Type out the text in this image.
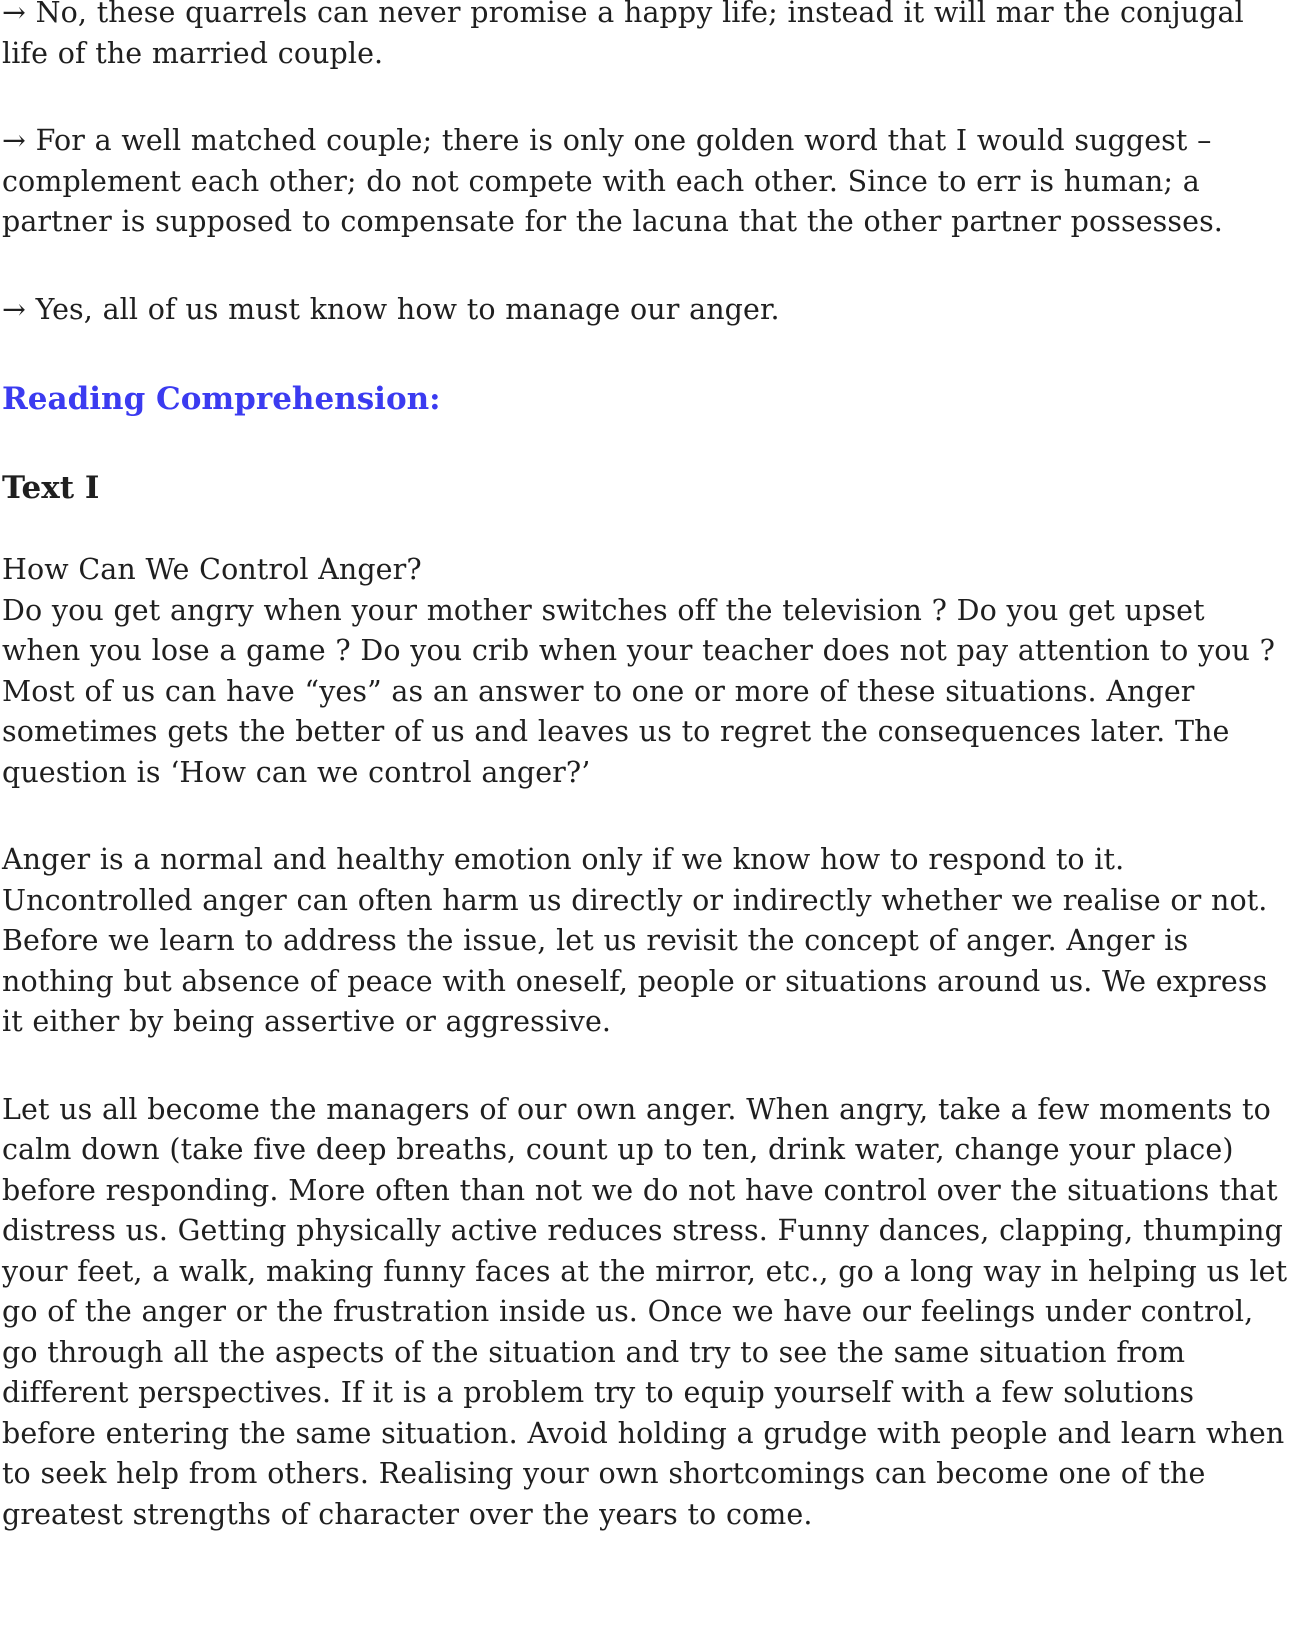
→ No, these quarrels can never promise a happy life; instead it will mar the conjugal life of the married couple.

→ For a well matched couple; there is only one golden word that I would suggest – complement each other; do not compete with each other. Since to err is human; a partner is supposed to compensate for the lacuna that the other partner possesses.

→ Yes, all of us must know how to manage our anger.

Reading Comprehension:
Text I

How Can We Control Anger?

Do you get angry when your mother switches off the television ? Do you get upset when you lose a game ? Do you crib when your teacher does not pay attention to you ? Most of us can have “yes” as an answer to one or more of these situations. Anger sometimes gets the better of us and leaves us to regret the consequences later. The question is ‘How can we control anger?’

Anger is a normal and healthy emotion only if we know how to respond to it. Uncontrolled anger can often harm us directly or indirectly whether we realise or not. Before we learn to address the issue, let us revisit the concept of anger. Anger is nothing but absence of peace with oneself, people or situations around us. We express it either by being assertive or aggressive.

Let us all become the managers of our own anger. When angry, take a few moments to calm down (take five deep breaths, count up to ten, drink water, change your place) before responding. More often than not we do not have control over the situations that distress us. Getting physically active reduces stress. Funny dances, clapping, thumping your feet, a walk, making funny faces at the mirror, etc., go a long way in helping us let go of the anger or the frustration inside us. Once we have our feelings under control, go through all the aspects of the situation and try to see the same situation from different perspectives. If it is a problem try to equip yourself with a few solutions before entering the same situation. Avoid holding a grudge with people and learn when to seek help from others. Realising your own shortcomings can become one of the greatest strengths of character over the years to come.
